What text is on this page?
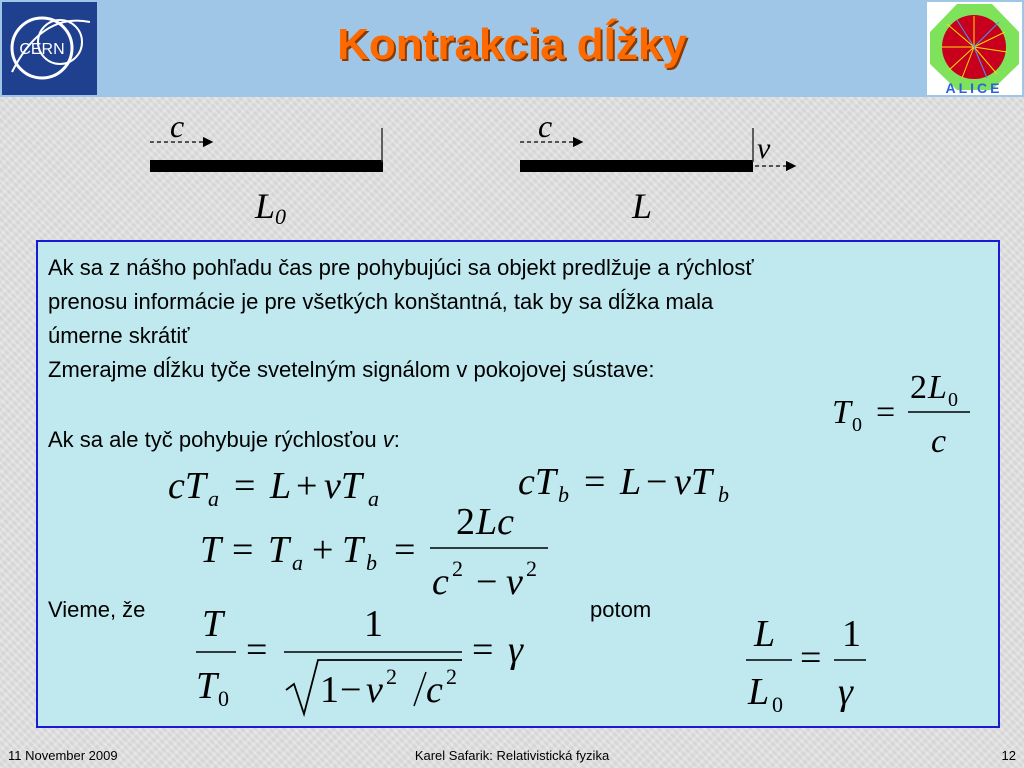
CERN	Kontrakcia dĺžky
ALICE
c
L0
c
v
L
Ak sa z nášho pohľadu čas pre pohybujúci sa objekt predlžuje a rýchlosť
prenosu informácie je pre všetkých konštantná, tak by sa dĺžka mala
úmerne skrátiť
Zmerajme dĺžku tyče svetelným signálom v pokojovej sústave:
Ak sa ale tyč pohybuje rýchlosťou v:
Vieme, že	potom
T 0 =
2 L 0
c
cT a = L + vT a	cT b = L − vT b
T = T a + T b =
2 Lc
c 2 − v 2
T
T 0
=
1
1 − v 2 c 2
= γ	L
L 0
=
1
γ
11 November 2009	Karel Safarik: Relativistická fyzika	12
